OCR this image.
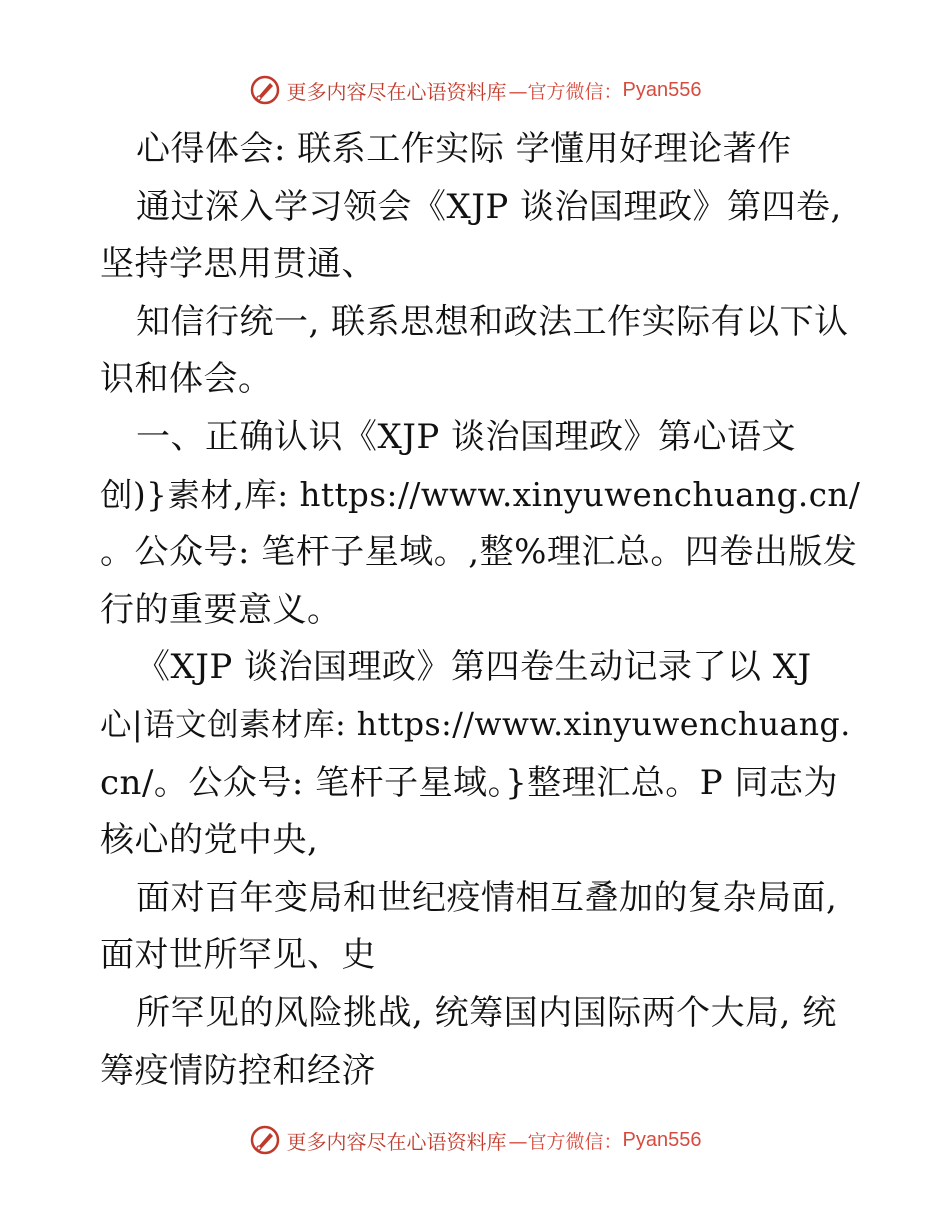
更多内容尽在心语资料库 —官方微信： Pyan556
心得体会: 联系工作实际 学懂用好理论著作
通过深入学习领会《XJP 谈治国理政》第四卷,
坚持学思用贯通、
知信行统一, 联系思想和政法工作实际有以下认
识和体会。
一、正确认识《XJP 谈治国理政》第心语文
创)}素材,库: https://www.xinyuwenchuang.cn/
。公众号: 笔杆子星域。,整%理汇总。四卷出版发
行的重要意义。
《XJP 谈治国理政》第四卷生动记录了以 XJ
心|语文创素材库: https://www.xinyuwenchuang.
cn/。公众号: 笔杆子星域。}整理汇总。P 同志为
核心的党中央,
面对百年变局和世纪疫情相互叠加的复杂局面,
面对世所罕见、史
所罕见的风险挑战, 统筹国内国际两个大局, 统
筹疫情防控和经济
更多内容尽在心语资料库 —官方微信： Pyan556
